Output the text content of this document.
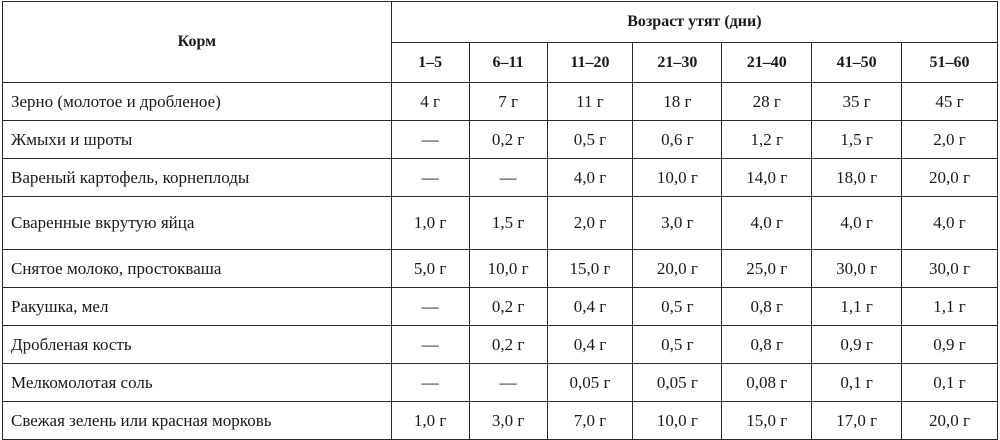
Корм	Возраст утят (дни)						
	1–5	6–11	11–20	21–30	21–40	41–50	51–60
Зерно (молотое и дробленое)	4 г	7 г	11 г	18 г	28 г	35 г	45 г
Жмыхи и шроты	—	0,2 г	0,5 г	0,6 г	1,2 г	1,5 г	2,0 г
Вареный картофель, корнеплоды	—	—	4,0 г	10,0 г	14,0 г	18,0 г	20,0 г
Сваренные вкрутую яйца	1,0 г	1,5 г	2,0 г	3,0 г	4,0 г	4,0 г	4,0 г
Снятое молоко, простокваша	5,0 г	10,0 г	15,0 г	20,0 г	25,0 г	30,0 г	30,0 г
Ракушка, мел	—	0,2 г	0,4 г	0,5 г	0,8 г	1,1 г	1,1 г
Дробленая кость	—	0,2 г	0,4 г	0,5 г	0,8 г	0,9 г	0,9 г
Мелкомолотая соль	—	—	0,05 г	0,05 г	0,08 г	0,1 г	0,1 г
Свежая зелень или красная морковь	1,0 г	3,0 г	7,0 г	10,0 г	15,0 г	17,0 г	20,0 г
